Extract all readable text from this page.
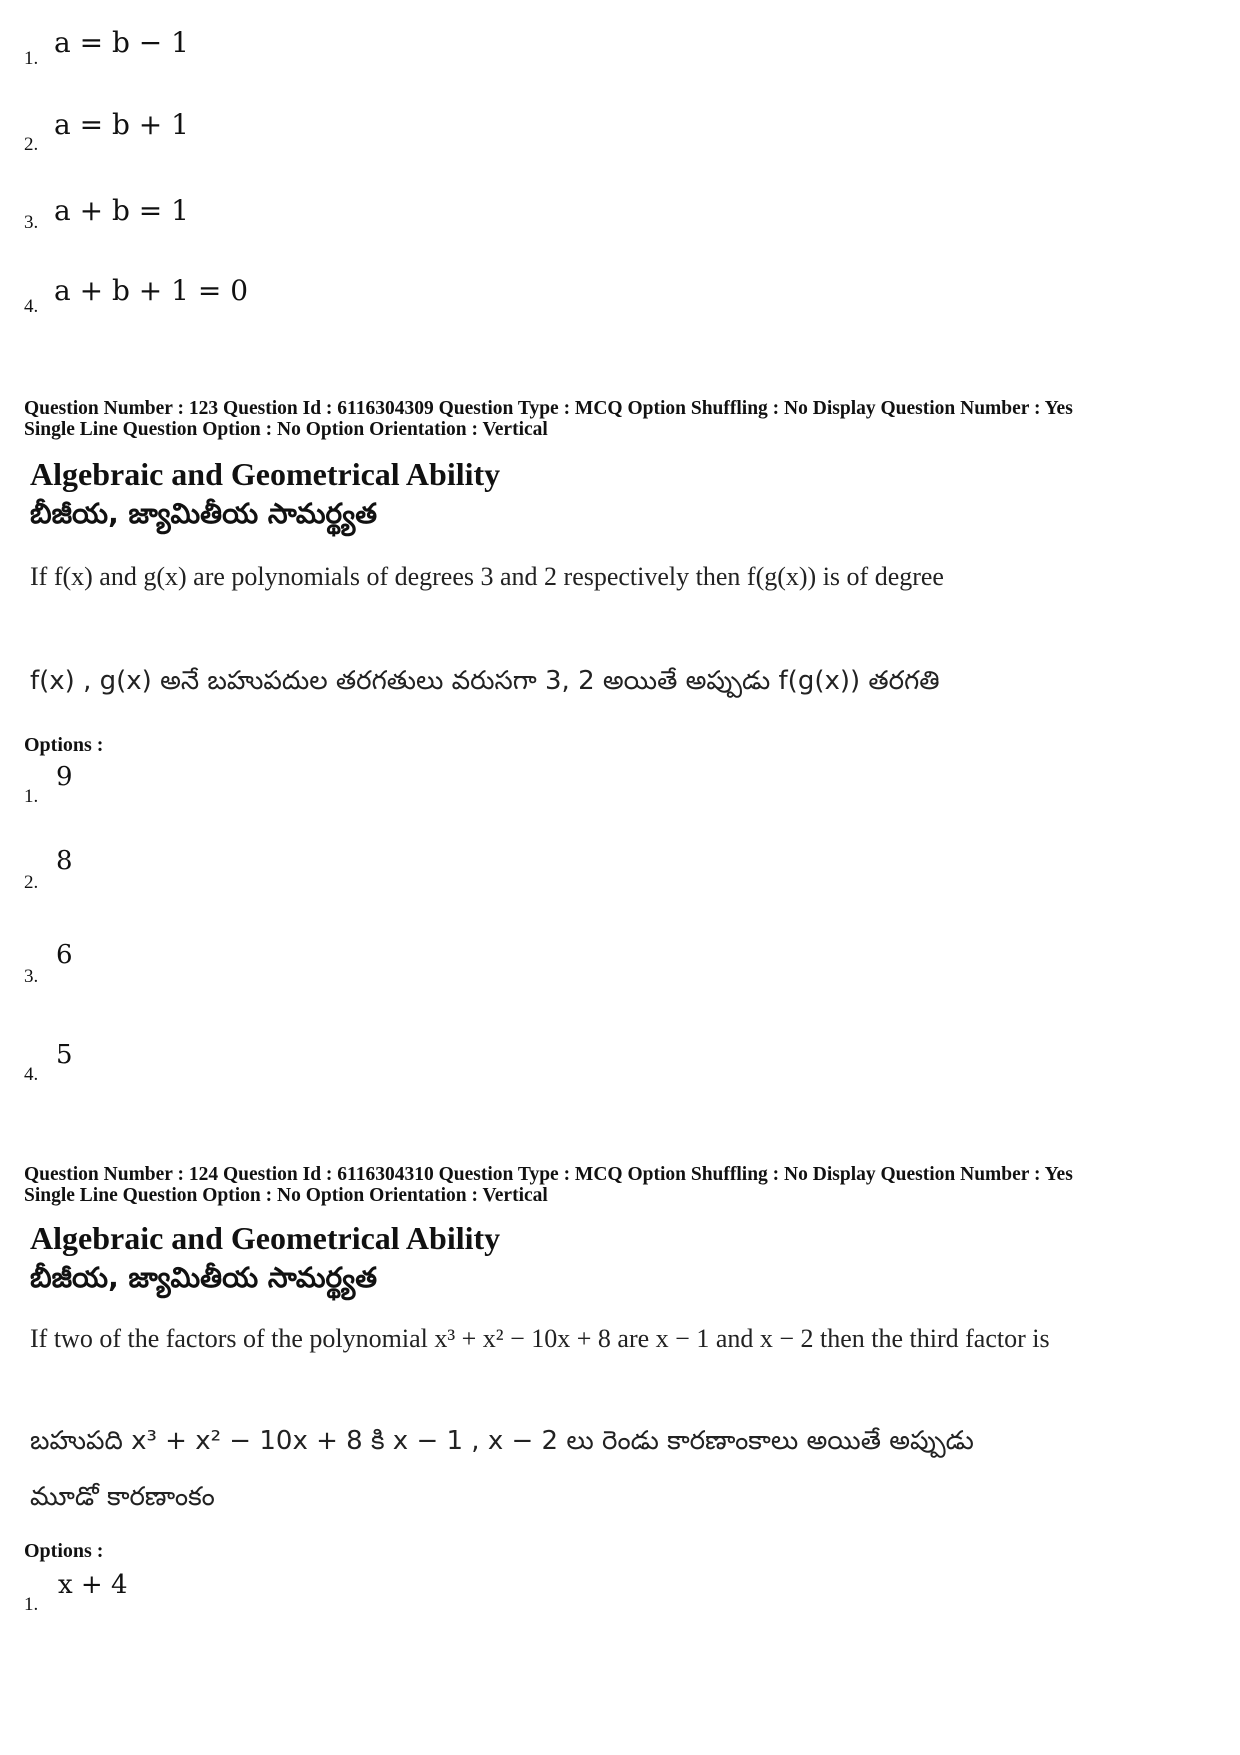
1. a = b − 1
2.
a = b + 1
3. a + b = 1
4. a + b + 1 = 0
Question Number : 123 Question Id : 6116304309 Question Type : MCQ Option Shuffling : No Display Question Number : Yes
Single Line Question Option : No Option Orientation : Vertical
Algebraic and Geometrical Ability
బీజీయ, జ్యామితీయ సామర్థ్యత
If f(x) and g(x) are polynomials of degrees 3 and 2 respectively then f(g(x)) is of degree
f(x) , g(x) అనే బహుపదుల తరగతులు వరుసగా 3, 2 అయితే అప్పుడు f(g(x)) తరగతి
Options :
1.
9
2.
8
3.
6
4.
5
Question Number : 124 Question Id : 6116304310 Question Type : MCQ Option Shuffling : No Display Question Number : Yes
Single Line Question Option : No Option Orientation : Vertical
Algebraic and Geometrical Ability
బీజీయ, జ్యామితీయ సామర్థ్యత
If two of the factors of the polynomial x³ + x² − 10x + 8 are x − 1 and x − 2 then the third factor is
బహుపది x³ + x² − 10x + 8 కి x − 1 , x − 2 లు రెండు కారణాంకాలు అయితే అప్పుడు
మూడో కారణాంకం
Options :
1.
x + 4
